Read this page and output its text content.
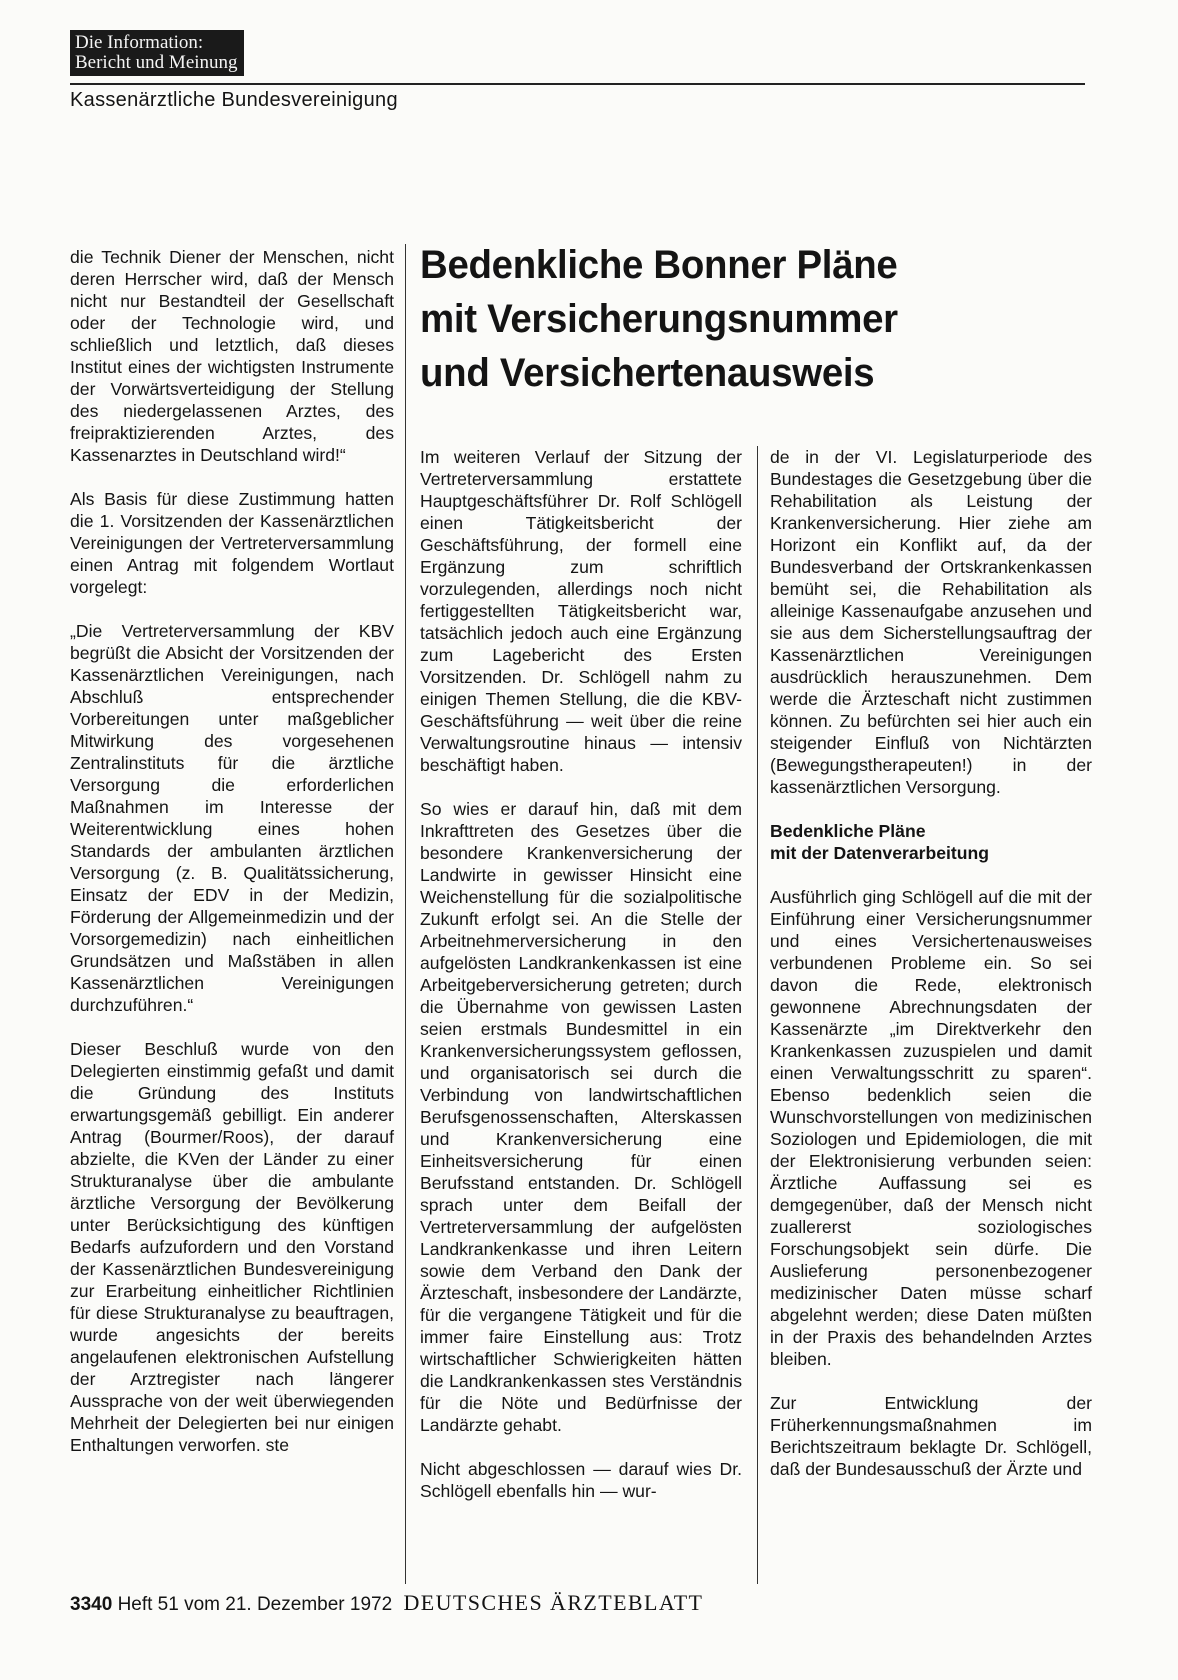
Die Information:
Bericht und Meinung
Kassenärztliche Bundesvereinigung

die Technik Diener der Menschen, nicht deren Herrscher wird, daß der Mensch nicht nur Bestandteil der Gesellschaft oder der Technologie wird, und schließlich und letztlich, daß dieses Institut eines der wichtigsten Instrumente der Vorwärtsverteidigung der Stellung des niedergelassenen Arztes, des freipraktizierenden Arztes, des Kassenarztes in Deutschland wird!“

Als Basis für diese Zustimmung hatten die 1. Vorsitzenden der Kassenärztlichen Vereinigungen der Vertreterversammlung einen Antrag mit folgendem Wortlaut vorgelegt:

„Die Vertreterversammlung der KBV begrüßt die Absicht der Vorsitzenden der Kassenärztlichen Vereinigungen, nach Abschluß entsprechender Vorbereitungen unter maßgeblicher Mitwirkung des vorgesehenen Zentralinstituts für die ärztliche Versorgung die erforderlichen Maßnahmen im Interesse der Weiterentwicklung eines hohen Standards der ambulanten ärztlichen Versorgung (z. B. Qualitätssicherung, Einsatz der EDV in der Medizin, Förderung der Allgemeinmedizin und der Vorsorgemedizin) nach einheitlichen Grundsätzen und Maßstäben in allen Kassenärztlichen Vereinigungen durchzuführen.“

Dieser Beschluß wurde von den Delegierten einstimmig gefaßt und damit die Gründung des Instituts erwartungsgemäß gebilligt. Ein anderer Antrag (Bourmer/Roos), der darauf abzielte, die KVen der Länder zu einer Strukturanalyse über die ambulante ärztliche Versorgung der Bevölkerung unter Berücksichtigung des künftigen Bedarfs aufzufordern und den Vorstand der Kassenärztlichen Bundesvereinigung zur Erarbeitung einheitlicher Richtlinien für diese Strukturanalyse zu beauftragen, wurde angesichts der bereits angelaufenen elektronischen Aufstellung der Arztregister nach längerer Aussprache von der weit überwiegenden Mehrheit der Delegierten bei nur einigen Enthaltungen verworfen. ste

Bedenkliche Bonner Pläne
mit Versicherungsnummer
und Versichertenausweis

Im weiteren Verlauf der Sitzung der Vertreterversammlung erstattete Hauptgeschäftsführer Dr. Rolf Schlögell einen Tätigkeitsbericht der Geschäftsführung, der formell eine Ergänzung zum schriftlich vorzulegenden, allerdings noch nicht fertiggestellten Tätigkeitsbericht war, tatsächlich jedoch auch eine Ergänzung zum Lagebericht des Ersten Vorsitzenden. Dr. Schlögell nahm zu einigen Themen Stellung, die die KBV-Geschäftsführung — weit über die reine Verwaltungsroutine hinaus — intensiv beschäftigt haben.

So wies er darauf hin, daß mit dem Inkrafttreten des Gesetzes über die besondere Krankenversicherung der Landwirte in gewisser Hinsicht eine Weichenstellung für die sozialpolitische Zukunft erfolgt sei. An die Stelle der Arbeitnehmerversicherung in den aufgelösten Landkrankenkassen ist eine Arbeitgeberversicherung getreten; durch die Übernahme von gewissen Lasten seien erstmals Bundesmittel in ein Krankenversicherungssystem geflossen, und organisatorisch sei durch die Verbindung von landwirtschaftlichen Berufsgenossenschaften, Alterskassen und Krankenversicherung eine Einheitsversicherung für einen Berufsstand entstanden. Dr. Schlögell sprach unter dem Beifall der Vertreterversammlung der aufgelösten Landkrankenkasse und ihren Leitern sowie dem Verband den Dank der Ärzteschaft, insbesondere der Landärzte, für die vergangene Tätigkeit und für die immer faire Einstellung aus: Trotz wirtschaftlicher Schwierigkeiten hätten die Landkrankenkassen stes Verständnis für die Nöte und Bedürfnisse der Landärzte gehabt.

Nicht abgeschlossen — darauf wies Dr. Schlögell ebenfalls hin — wur-

de in der VI. Legislaturperiode des Bundestages die Gesetzgebung über die Rehabilitation als Leistung der Krankenversicherung. Hier ziehe am Horizont ein Konflikt auf, da der Bundesverband der Ortskrankenkassen bemüht sei, die Rehabilitation als alleinige Kassenaufgabe anzusehen und sie aus dem Sicherstellungsauftrag der Kassenärztlichen Vereinigungen ausdrücklich herauszunehmen. Dem werde die Ärzteschaft nicht zustimmen können. Zu befürchten sei hier auch ein steigender Einfluß von Nichtärzten (Bewegungstherapeuten!) in der kassenärztlichen Versorgung.

Bedenkliche Pläne
mit der Datenverarbeitung

Ausführlich ging Schlögell auf die mit der Einführung einer Versicherungsnummer und eines Versichertenausweises verbundenen Probleme ein. So sei davon die Rede, elektronisch gewonnene Abrechnungsdaten der Kassenärzte „im Direktverkehr den Krankenkassen zuzuspielen und damit einen Verwaltungsschritt zu sparen“. Ebenso bedenklich seien die Wunschvorstellungen von medizinischen Soziologen und Epidemiologen, die mit der Elektronisierung verbunden seien: Ärztliche Auffassung sei es demgegenüber, daß der Mensch nicht zuallererst soziologisches Forschungsobjekt sein dürfe. Die Auslieferung personenbezogener medizinischer Daten müsse scharf abgelehnt werden; diese Daten müßten in der Praxis des behandelnden Arztes bleiben.

Zur Entwicklung der Früherkennungsmaßnahmen im Berichtszeitraum beklagte Dr. Schlögell, daß der Bundesausschuß der Ärzte und

3340 Heft 51 vom 21. Dezember 1972 DEUTSCHES ÄRZTEBLATT
